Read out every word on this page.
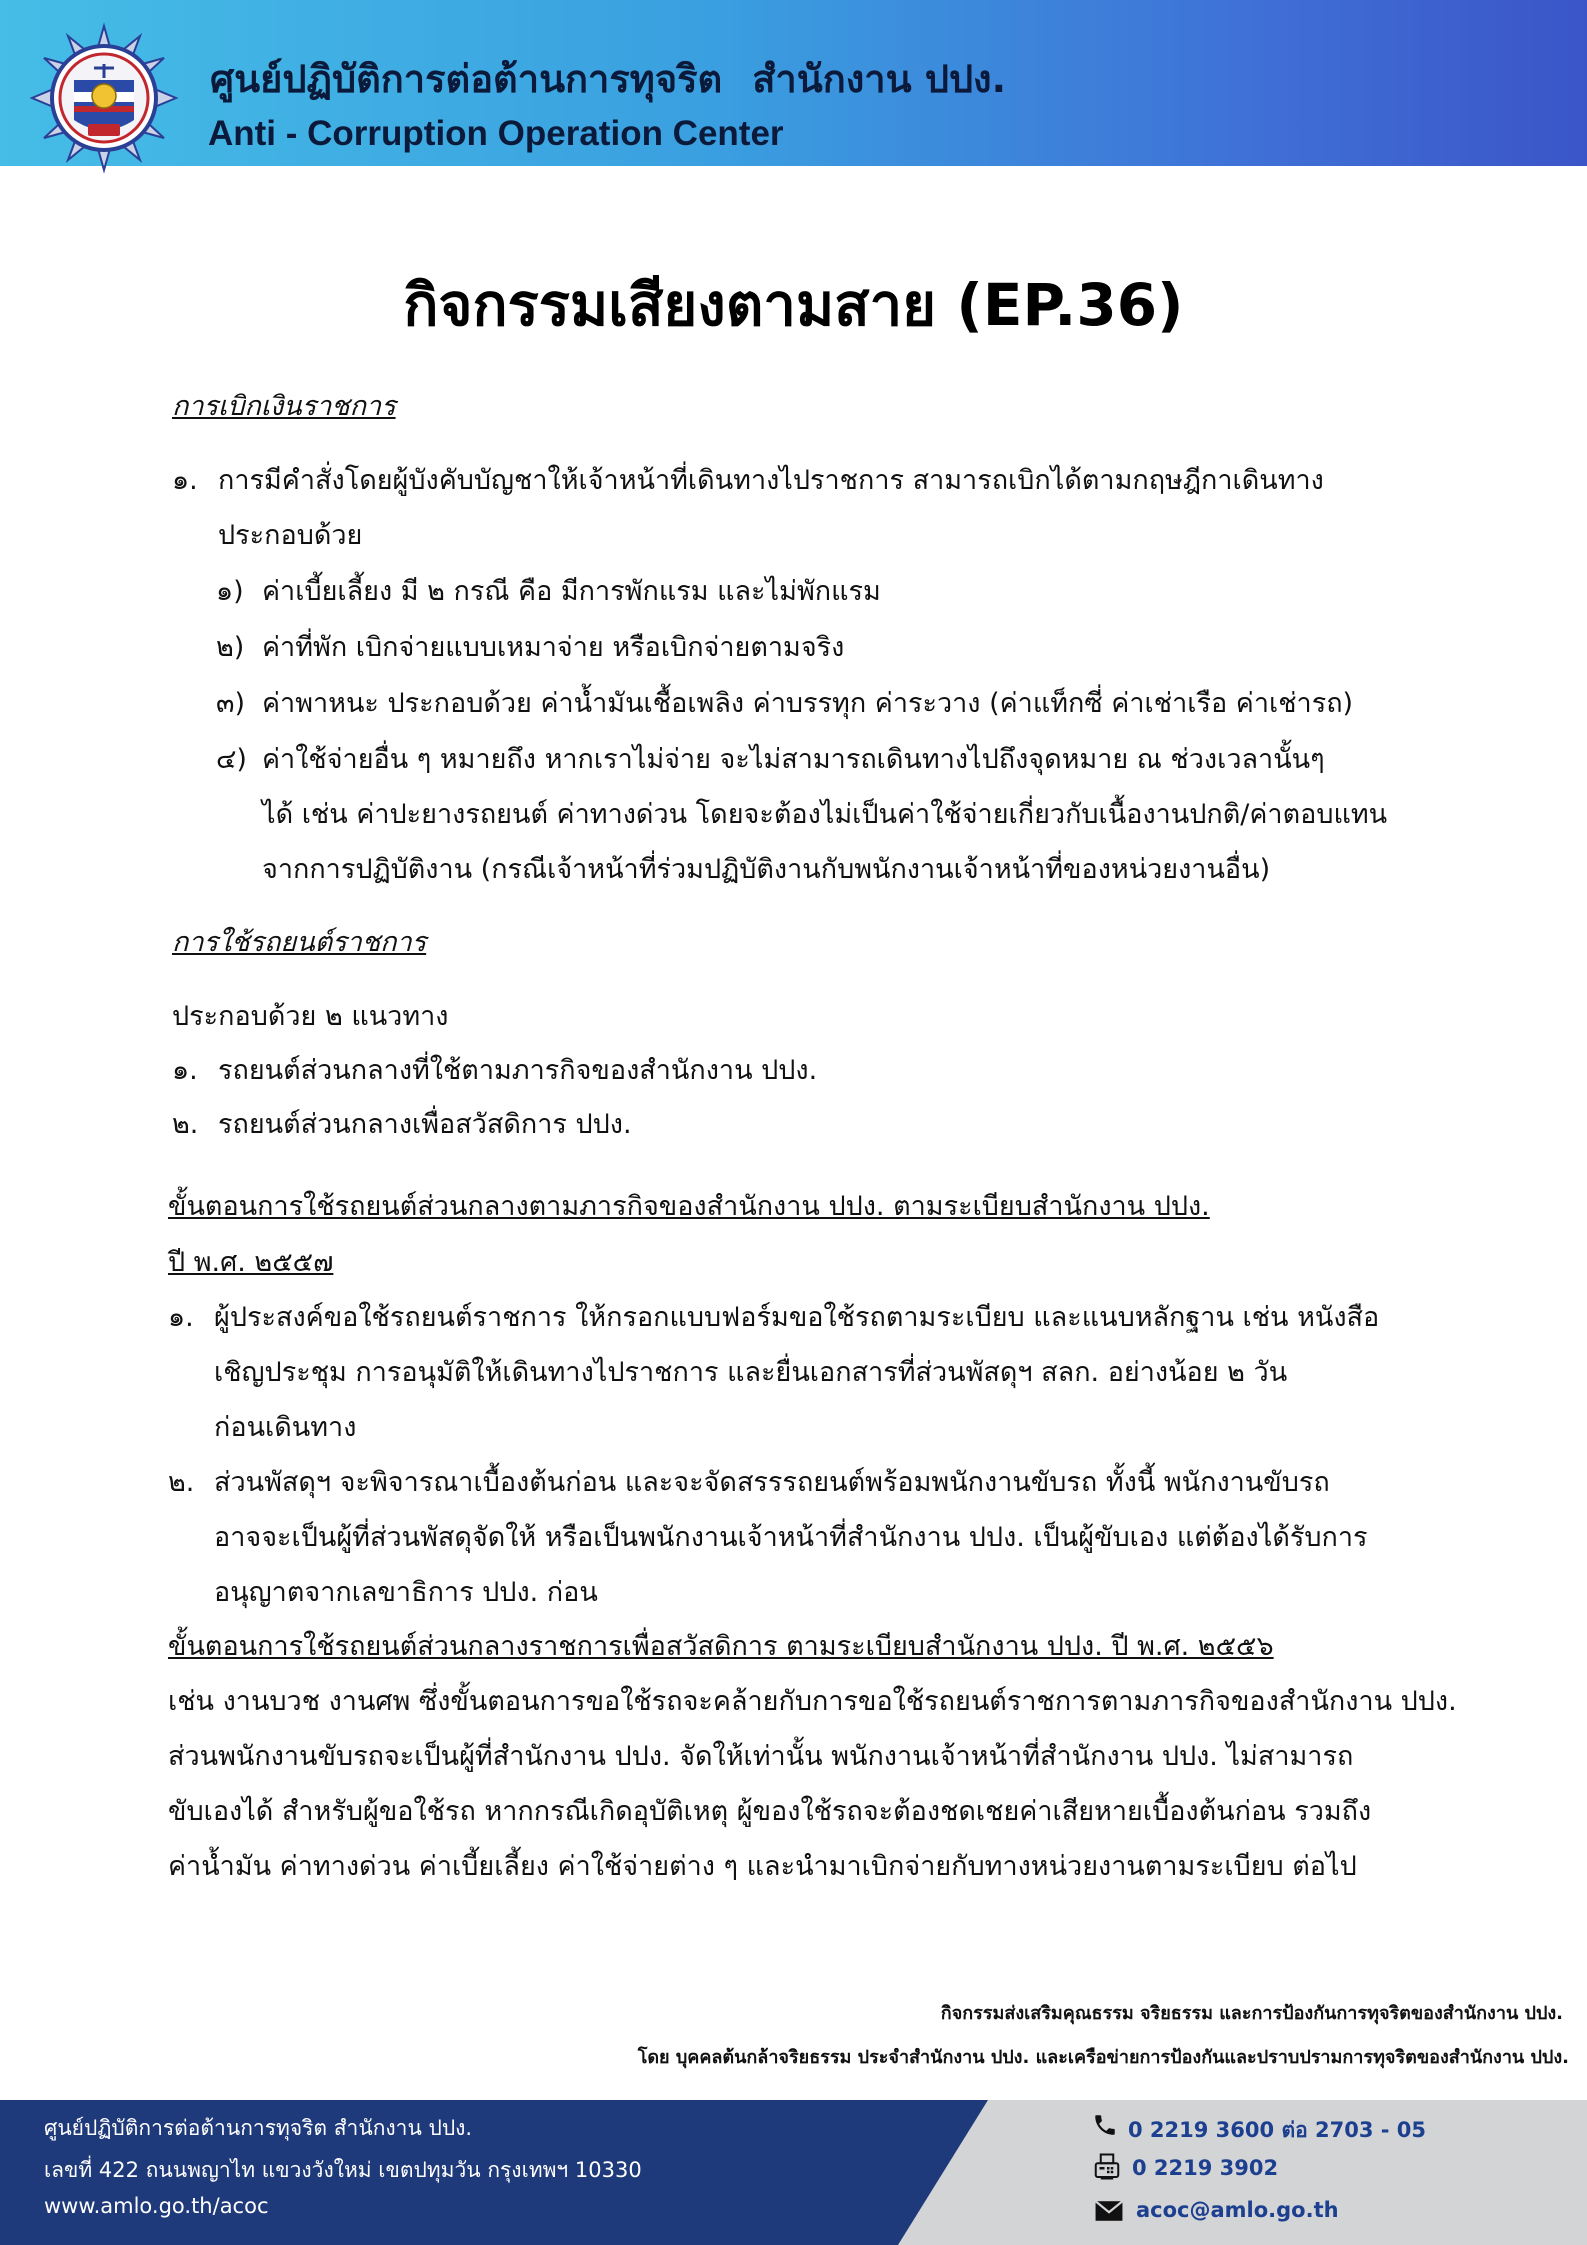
ศูนย์ปฏิบัติการต่อต้านการทุจริต สำนักงาน ปปง.
Anti - Corruption Operation Center
กิจกรรมเสียงตามสาย (EP.36)
การเบิกเงินราชการ
๑. การมีคำสั่งโดยผู้บังคับบัญชาให้เจ้าหน้าที่เดินทางไปราชการ สามารถเบิกได้ตามกฤษฎีกาเดินทาง
ประกอบด้วย
๑) ค่าเบี้ยเลี้ยง มี ๒ กรณี คือ มีการพักแรม และไม่พักแรม
๒) ค่าที่พัก เบิกจ่ายแบบเหมาจ่าย หรือเบิกจ่ายตามจริง
๓) ค่าพาหนะ ประกอบด้วย ค่าน้ำมันเชื้อเพลิง ค่าบรรทุก ค่าระวาง (ค่าแท็กซี่ ค่าเช่าเรือ ค่าเช่ารถ)
๔) ค่าใช้จ่ายอื่น ๆ หมายถึง หากเราไม่จ่าย จะไม่สามารถเดินทางไปถึงจุดหมาย ณ ช่วงเวลานั้นๆ
ได้ เช่น ค่าปะยางรถยนต์ ค่าทางด่วน โดยจะต้องไม่เป็นค่าใช้จ่ายเกี่ยวกับเนื้องานปกติ/ค่าตอบแทน
จากการปฏิบัติงาน (กรณีเจ้าหน้าที่ร่วมปฏิบัติงานกับพนักงานเจ้าหน้าที่ของหน่วยงานอื่น)
การใช้รถยนต์ราชการ
ประกอบด้วย ๒ แนวทาง
๑. รถยนต์ส่วนกลางที่ใช้ตามภารกิจของสำนักงาน ปปง.
๒. รถยนต์ส่วนกลางเพื่อสวัสดิการ ปปง.
ขั้นตอนการใช้รถยนต์ส่วนกลางตามภารกิจของสำนักงาน ปปง. ตามระเบียบสำนักงาน ปปง.
ปี พ.ศ. ๒๕๕๗
๑. ผู้ประสงค์ขอใช้รถยนต์ราชการ ให้กรอกแบบฟอร์มขอใช้รถตามระเบียบ และแนบหลักฐาน เช่น หนังสือ
เชิญประชุม การอนุมัติให้เดินทางไปราชการ และยื่นเอกสารที่ส่วนพัสดุฯ สลก. อย่างน้อย ๒ วัน
ก่อนเดินทาง
๒. ส่วนพัสดุฯ จะพิจารณาเบื้องต้นก่อน และจะจัดสรรรถยนต์พร้อมพนักงานขับรถ ทั้งนี้ พนักงานขับรถ
อาจจะเป็นผู้ที่ส่วนพัสดุจัดให้ หรือเป็นพนักงานเจ้าหน้าที่สำนักงาน ปปง. เป็นผู้ขับเอง แต่ต้องได้รับการ
อนุญาตจากเลขาธิการ ปปง. ก่อน
ขั้นตอนการใช้รถยนต์ส่วนกลางราชการเพื่อสวัสดิการ ตามระเบียบสำนักงาน ปปง. ปี พ.ศ. ๒๕๕๖
เช่น งานบวช งานศพ ซึ่งขั้นตอนการขอใช้รถจะคล้ายกับการขอใช้รถยนต์ราชการตามภารกิจของสำนักงาน ปปง.
ส่วนพนักงานขับรถจะเป็นผู้ที่สำนักงาน ปปง. จัดให้เท่านั้น พนักงานเจ้าหน้าที่สำนักงาน ปปง. ไม่สามารถ
ขับเองได้ สำหรับผู้ขอใช้รถ หากกรณีเกิดอุบัติเหตุ ผู้ของใช้รถจะต้องชดเชยค่าเสียหายเบื้องต้นก่อน รวมถึง
ค่าน้ำมัน ค่าทางด่วน ค่าเบี้ยเลี้ยง ค่าใช้จ่ายต่าง ๆ และนำมาเบิกจ่ายกับทางหน่วยงานตามระเบียบ ต่อไป
กิจกรรมส่งเสริมคุณธรรม จริยธรรม และการป้องกันการทุจริตของสำนักงาน ปปง.
โดย บุคคลต้นกล้าจริยธรรม ประจำสำนักงาน ปปง. และเครือข่ายการป้องกันและปราบปรามการทุจริตของสำนักงาน ปปง.
ศูนย์ปฏิบัติการต่อต้านการทุจริต สำนักงาน ปปง.
เลขที่ 422 ถนนพญาไท แขวงวังใหม่ เขตปทุมวัน กรุงเทพฯ 10330
www.amlo.go.th/acoc
0 2219 3600 ต่อ 2703 - 05
0 2219 3902
acoc@amlo.go.th
